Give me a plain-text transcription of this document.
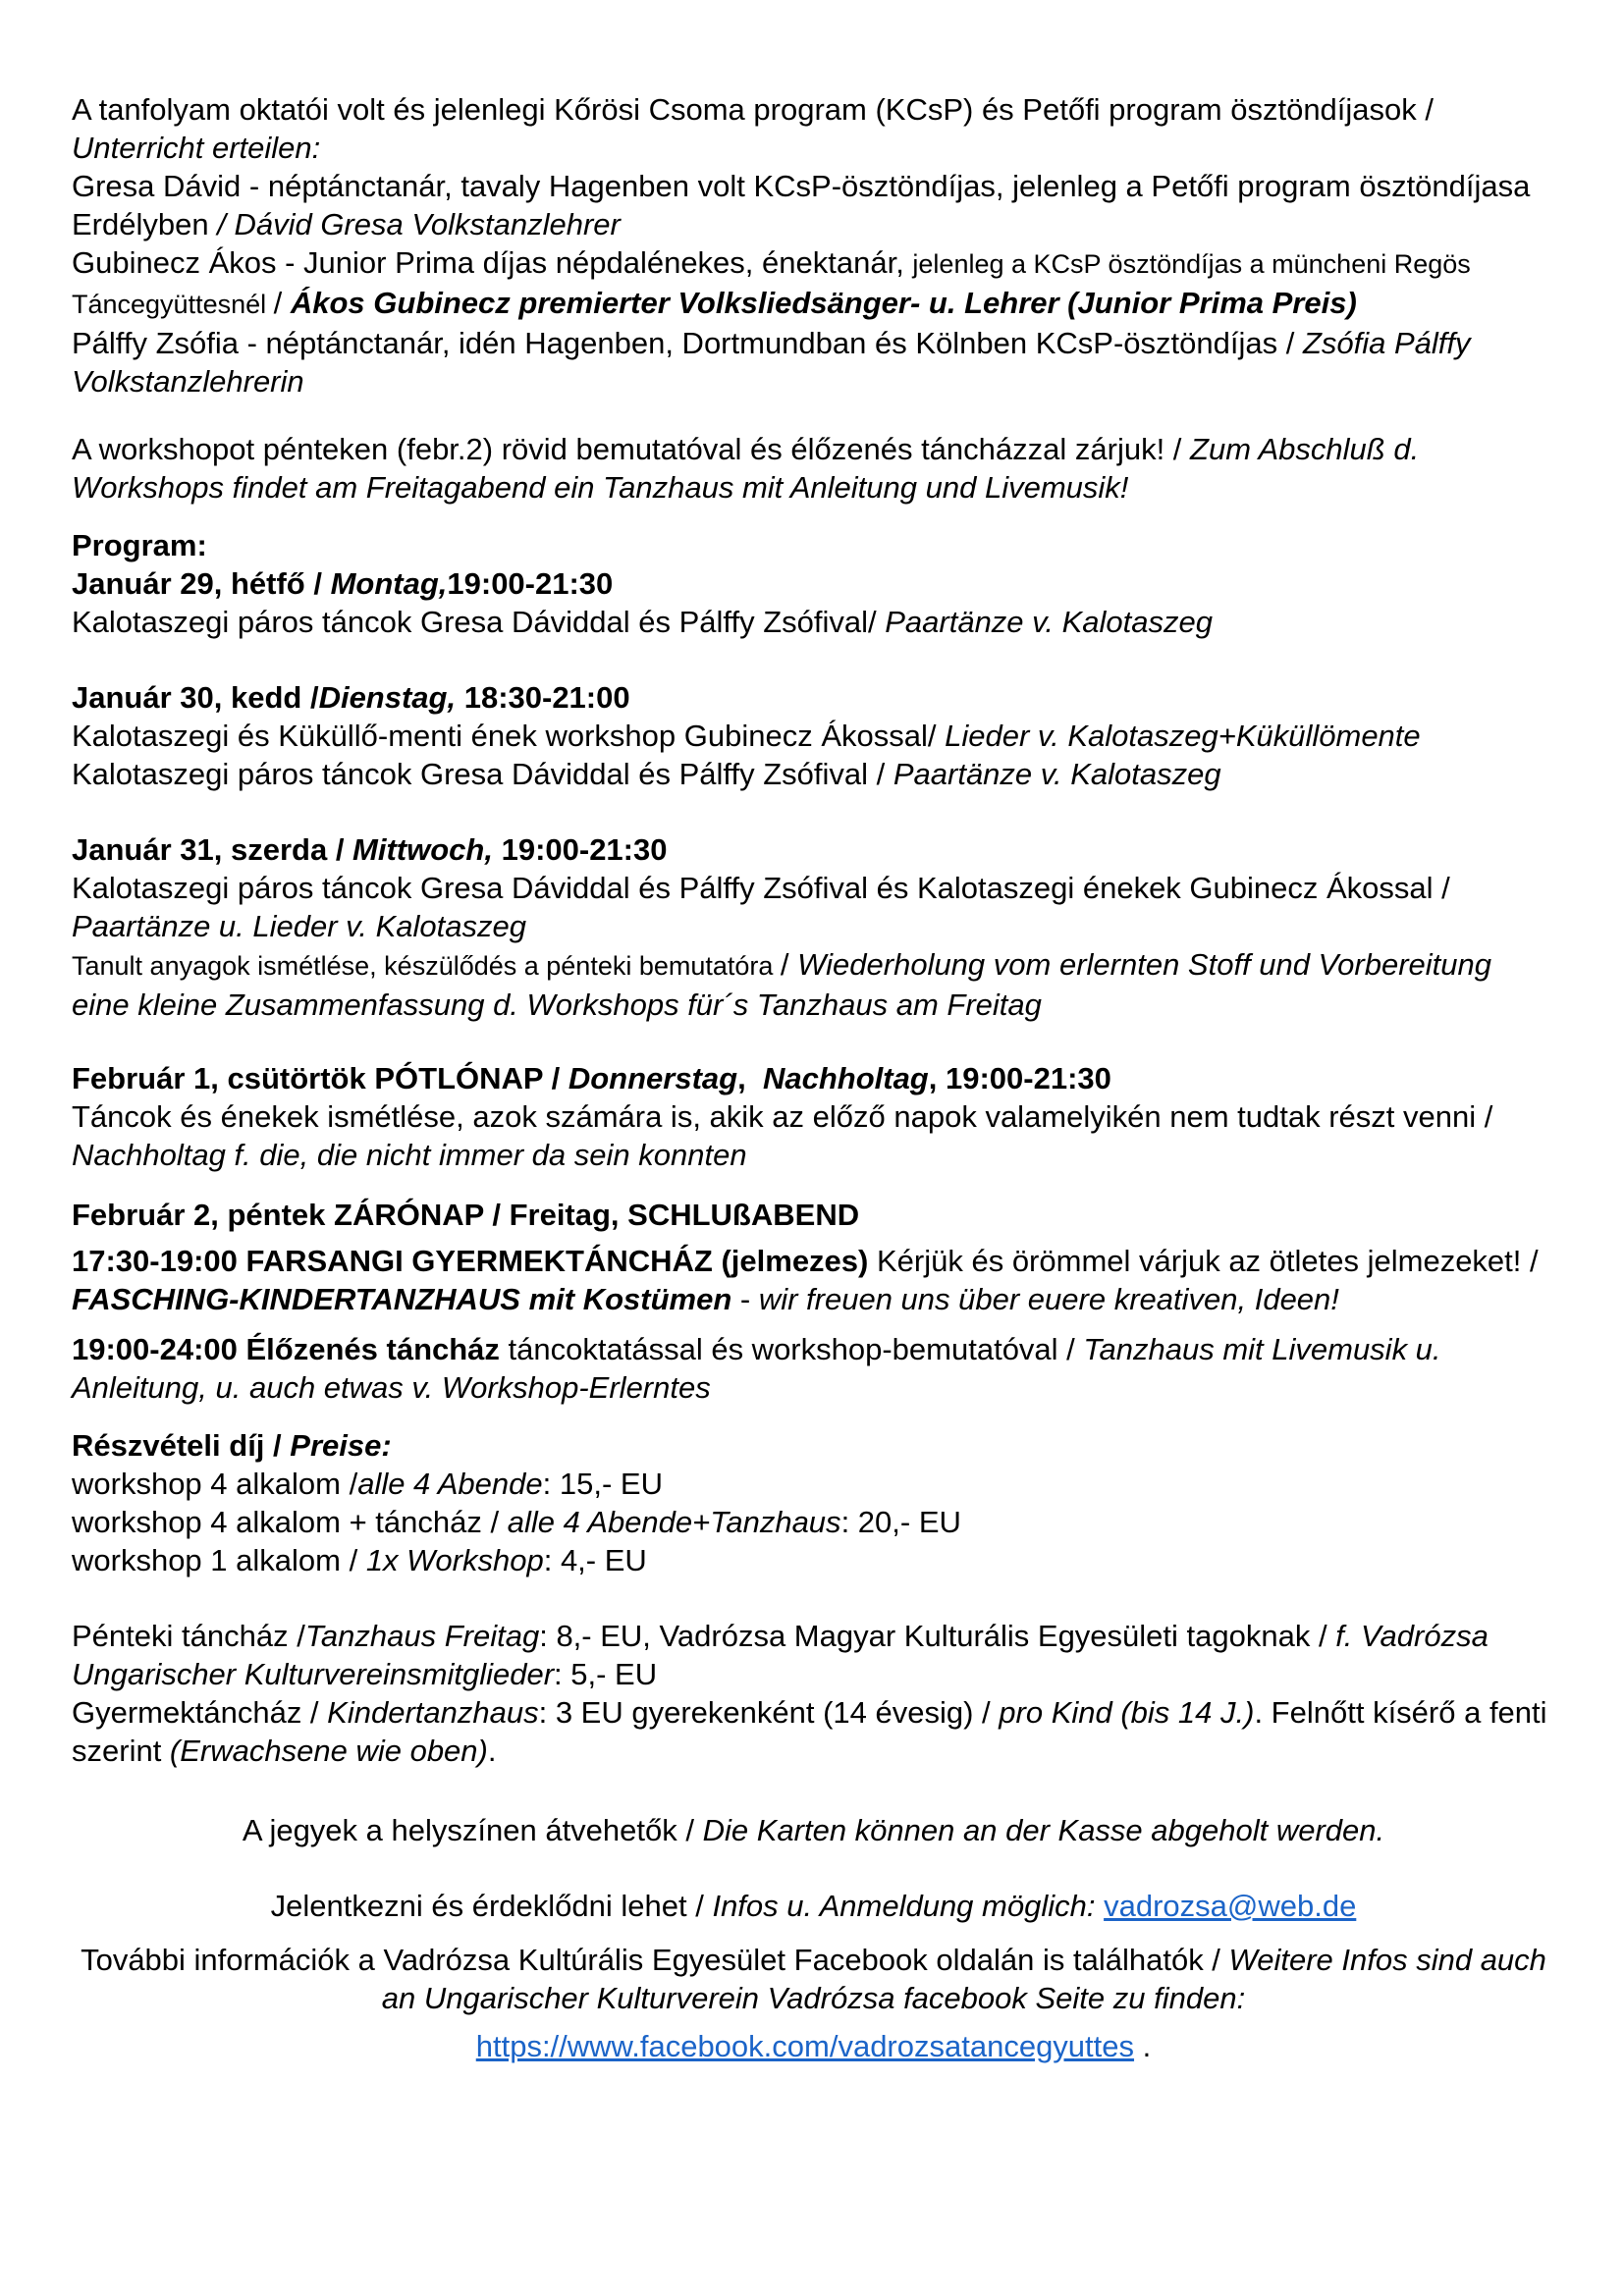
A tanfolyam oktatói volt és jelenlegi Kőrösi Csoma program (KCsP) és Petőfi program ösztöndíjasok / Unterricht erteilen:
Gresa Dávid - néptánctanár, tavaly Hagenben volt KCsP-ösztöndíjas, jelenleg a Petőfi program ösztöndíjasa Erdélyben / Dávid Gresa Volkstanzlehrer
Gubinecz Ákos - Junior Prima díjas népdalénekes, énektanár, jelenleg a KCsP ösztöndíjas a müncheni Regös Táncegyüttesnél / Ákos Gubinecz premierter Volksliedsänger- u. Lehrer (Junior Prima Preis)
Pálffy Zsófia - néptánctanár, idén Hagenben, Dortmundban és Kölnben KCsP-ösztöndíjas / Zsófia Pálffy Volkstanzlehrerin
A workshopot pénteken (febr.2) rövid bemutatóval és élőzenés táncházzal zárjuk! / Zum Abschluß d. Workshops findet am Freitagabend ein Tanzhaus mit Anleitung und Livemusik!
Program:
Január 29, hétfő / Montag,19:00-21:30
Kalotaszegi páros táncok Gresa Dáviddal és Pálffy Zsófival/ Paartänze v. Kalotaszeg
Január 30, kedd /Dienstag, 18:30-21:00
Kalotaszegi és Küküllő-menti ének workshop Gubinecz Ákossal/ Lieder v. Kalotaszeg+Küküllömente
Kalotaszegi páros táncok Gresa Dáviddal és Pálffy Zsófival / Paartänze v. Kalotaszeg
Január 31, szerda / Mittwoch, 19:00-21:30
Kalotaszegi páros táncok Gresa Dáviddal és Pálffy Zsófival és Kalotaszegi énekek Gubinecz Ákossal / Paartänze u. Lieder v. Kalotaszeg
Tanult anyagok ismétlése, készülődés a pénteki bemutatóra / Wiederholung vom erlernten Stoff und Vorbereitung eine kleine Zusammenfassung d. Workshops für´s Tanzhaus am Freitag
Február 1, csütörtök PÓTLÓNAP / Donnerstag,  Nachholtag, 19:00-21:30
Táncok és énekek ismétlése, azok számára is, akik az előző napok valamelyikén nem tudtak részt venni /
Nachholtag f. die, die nicht immer da sein konnten
Február 2, péntek ZÁRÓNAP / Freitag, SCHLUßABEND
17:30-19:00 FARSANGI GYERMEKTÁNCHÁZ (jelmezes) Kérjük és örömmel várjuk az ötletes jelmezeket! / FASCHING-KINDERTANZHAUS mit Kostümen - wir freuen uns über euere kreativen, Ideen!
19:00-24:00 Élőzenés táncház táncoktatással és workshop-bemutatóval / Tanzhaus mit Livemusik u. Anleitung, u. auch etwas v. Workshop-Erlerntes
Részvételi díj / Preise:
workshop 4 alkalom /alle 4 Abende: 15,- EU
workshop 4 alkalom + táncház / alle 4 Abende+Tanzhaus: 20,- EU
workshop 1 alkalom / 1x Workshop: 4,- EU
Pénteki táncház /Tanzhaus Freitag: 8,- EU, Vadrózsa Magyar Kulturális Egyesületi tagoknak / f. Vadrózsa Ungarischer Kulturvereinsmitglieder: 5,- EU
Gyermektáncház / Kindertanzhaus: 3 EU gyerekenként (14 évesig) / pro Kind (bis 14 J.). Felnőtt kísérő a fenti szerint (Erwachsene wie oben).
A jegyek a helyszínen átvehetők / Die Karten können an der Kasse abgeholt werden.
Jelentkezni és érdeklődni lehet / Infos u. Anmeldung möglich: vadrozsa@web.de
További információk a Vadrózsa Kultúrális Egyesület Facebook oldalán is találhatók / Weitere Infos sind auch an Ungarischer Kulturverein Vadrózsa facebook Seite zu finden:
https://www.facebook.com/vadrozsatancegyuttes .
